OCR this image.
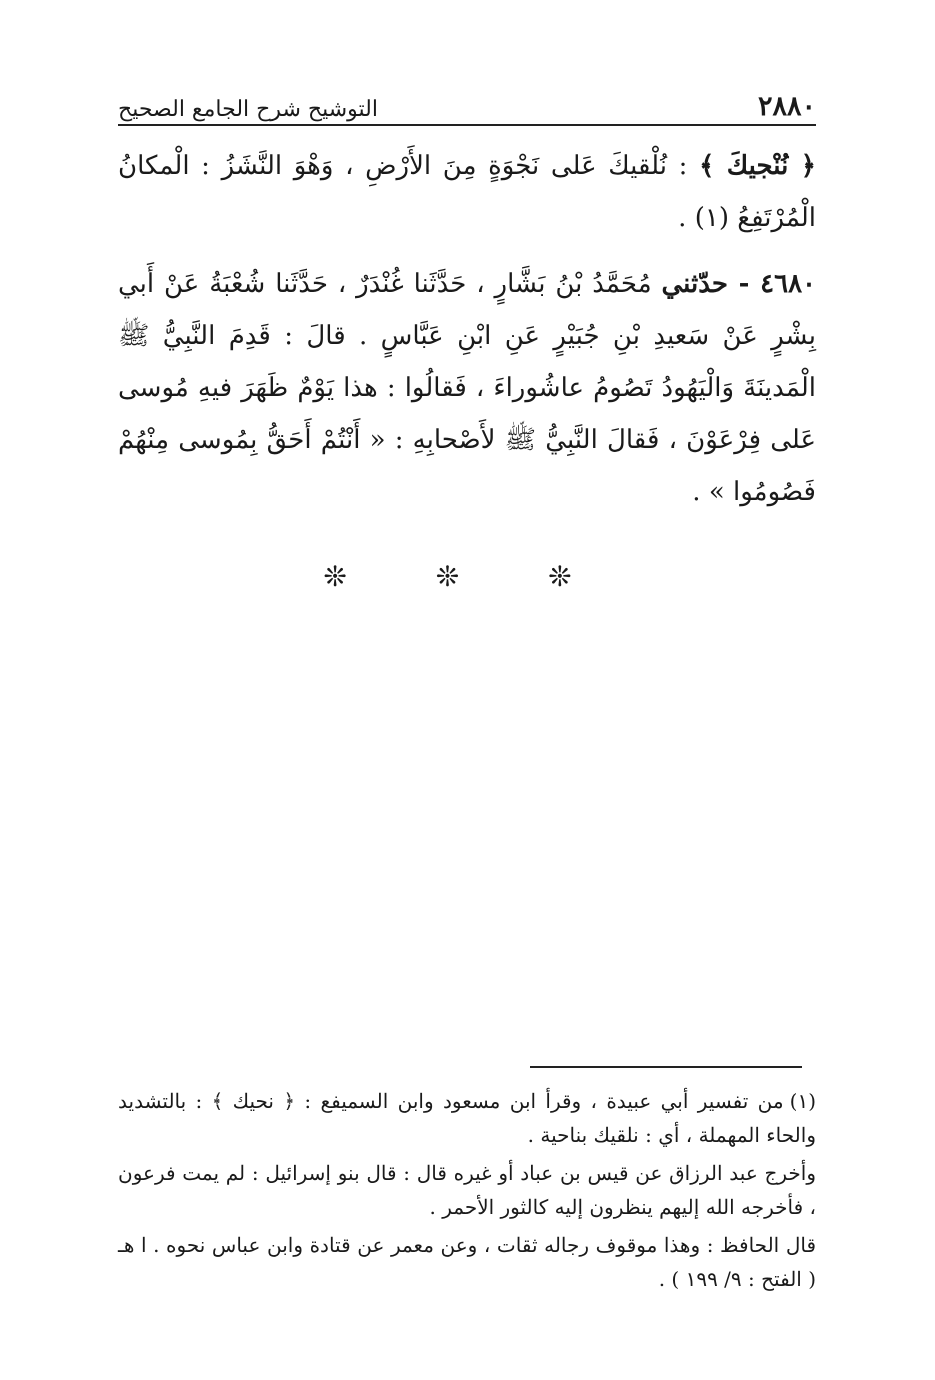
٢٨٨٠
التوشيح شرح الجامع الصحيح

﴿ نُنْجيكَ ﴾ : نُلْقيكَ عَلى نَجْوَةٍ مِنَ الأَرْضِ ، وَهْوَ النَّشَزُ : الْمكانُ الْمُرْتَفِعُ (١) .

٤٦٨٠ - حدّثني مُحَمَّدُ بْنُ بَشَّارٍ ، حَدَّثَنا غُنْدَرٌ ، حَدَّثَنا شُعْبَةُ عَنْ أَبي بِشْرٍ عَنْ سَعيدِ بْنِ جُبَيْرٍ عَنِ ابْنِ عَبَّاسٍ . قالَ : قَدِمَ النَّبِيُّ ﷺ الْمَدينَةَ وَالْيَهُودُ تَصُومُ عاشُوراءَ ، فَقالُوا : هذا يَوْمٌ ظَهَرَ فيهِ مُوسى عَلى فِرْعَوْنَ ، فَقالَ النَّبِيُّ ﷺ لأَصْحابِهِ : « أَنْتُمْ أَحَقُّ بِمُوسى مِنْهُمْ فَصُومُوا » .

❊ ❊ ❊

(١)من تفسير أبي عبيدة ، وقرأ ابن مسعود وابن السميفع : ﴿ نحيك ﴾ : بالتشديد والحاء المهملة ، أي : نلقيك بناحية .

وأخرج عبد الرزاق عن قيس بن عباد أو غيره قال : قال بنو إسرائيل : لم يمت فرعون ، فأخرجه الله إليهم ينظرون إليه كالثور الأحمر .

قال الحافظ : وهذا موقوف رجاله ثقات ، وعن معمر عن قتادة وابن عباس نحوه . ا هـ ( الفتح : ٩/ ١٩٩ ) .
